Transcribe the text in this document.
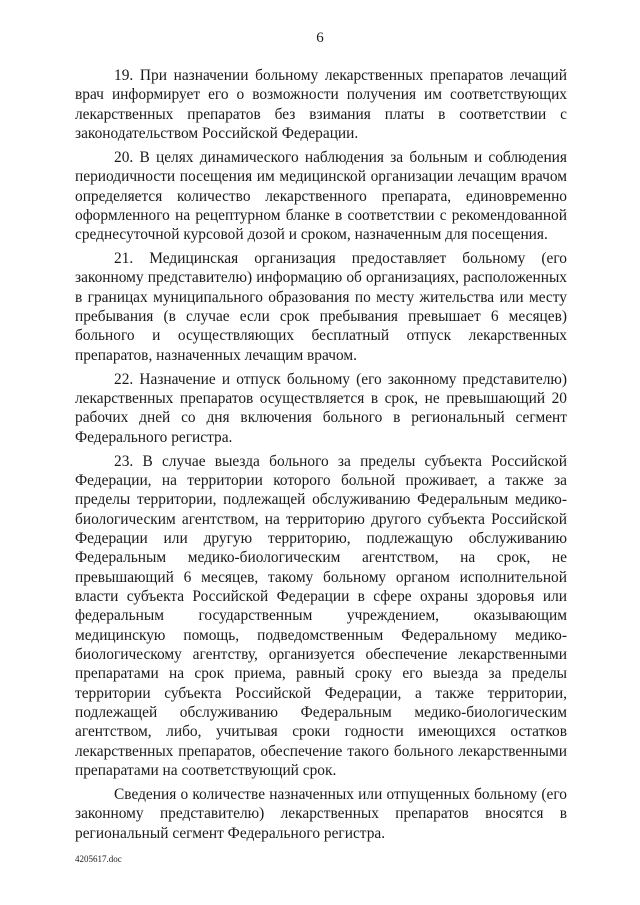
6

19. При назначении больному лекарственных препаратов лечащий врач информирует его о возможности получения им соответствующих лекарственных препаратов без взимания платы в соответствии с законодательством Российской Федерации.

20. В целях динамического наблюдения за больным и соблюдения периодичности посещения им медицинской организации лечащим врачом определяется количество лекарственного препарата, единовременно оформленного на рецептурном бланке в соответствии с рекомендованной среднесуточной курсовой дозой и сроком, назначенным для посещения.

21. Медицинская организация предоставляет больному (его законному представителю) информацию об организациях, расположенных в границах муниципального образования по месту жительства или месту пребывания (в случае если срок пребывания превышает 6 месяцев) больного и осуществляющих бесплатный отпуск лекарственных препаратов, назначенных лечащим врачом.

22. Назначение и отпуск больному (его законному представителю) лекарственных препаратов осуществляется в срок, не превышающий 20 рабочих дней со дня включения больного в региональный сегмент Федерального регистра.

23. В случае выезда больного за пределы субъекта Российской Федерации, на территории которого больной проживает, а также за пределы территории, подлежащей обслуживанию Федеральным медико-биологическим агентством, на территорию другого субъекта Российской Федерации или другую территорию, подлежащую обслуживанию Федеральным медико-биологическим агентством, на срок, не превышающий 6 месяцев, такому больному органом исполнительной власти субъекта Российской Федерации в сфере охраны здоровья или федеральным государственным учреждением, оказывающим медицинскую помощь, подведомственным Федеральному медико-биологическому агентству, организуется обеспечение лекарственными препаратами на срок приема, равный сроку его выезда за пределы территории субъекта Российской Федерации, а также территории, подлежащей обслуживанию Федеральным медико-биологическим агентством, либо, учитывая сроки годности имеющихся остатков лекарственных препаратов, обеспечение такого больного лекарственными препаратами на соответствующий срок.

Сведения о количестве назначенных или отпущенных больному (его законному представителю) лекарственных препаратов вносятся в региональный сегмент Федерального регистра.

4205617.doc
